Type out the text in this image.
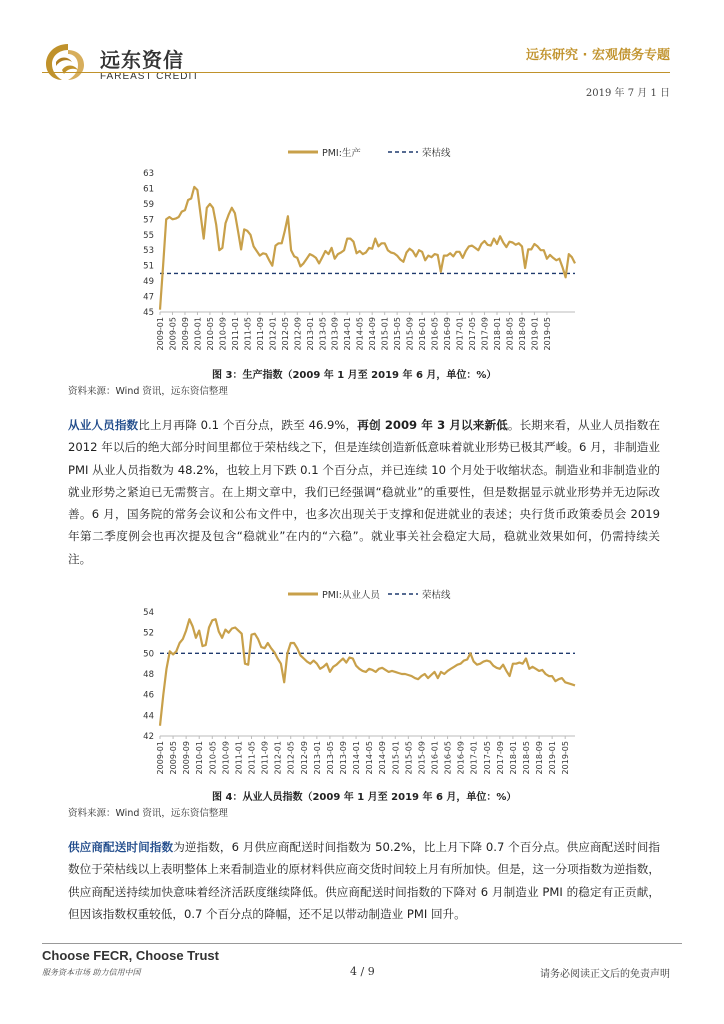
远东资信
FAREAST CREDIT
远东研究 · 宏观债务专题
2019 年 7 月 1 日
PMI:生产	荣枯线
45
47
49
51
53
55
57
59
61
63
2009-01 2009-05 2009-09 2010-01 2010-05 2010-09 2011-01 2011-05 2011-09 2012-01 2012-05 2012-09 2013-01 2013-05 2013-09 2014-01 2014-05 2014-09 2015-01 2015-05 2015-09 2016-01 2016-05 2016-09 2017-01 2017-05 2017-09 2018-01 2018-05 2018-09 2019-01 2019-05
图 3：生产指数（2009 年 1 月至 2019 年 6 月，单位：%）
资料来源：Wind 资讯，远东资信整理
从业人员指数比上月再降 0.1 个百分点，跌至 46.9%，再创 2009 年 3 月以来新低。长期来看，从业人员指数在 2012 年以后的绝大部分时间里都位于荣枯线之下，但是连续创造新低意味着就业形势已极其严峻。6 月，非制造业 PMI 从业人员指数为 48.2%，也较上月下跌 0.1 个百分点，并已连续 10 个月处于收缩状态。制造业和非制造业的就业形势之紧迫已无需赘言。在上期文章中，我们已经强调“稳就业”的重要性，但是数据显示就业形势并无边际改善。6 月，国务院的常务会议和公布文件中，也多次出现关于支撑和促进就业的表述；央行货币政策委员会 2019 年第二季度例会也再次提及包含“稳就业”在内的“六稳”。就业事关社会稳定大局，稳就业效果如何，仍需持续关注。
PMI:从业人员	荣枯线
42
44
46
48
50
52
54
2009-01 2009-05 2009-09 2010-01 2010-05 2010-09 2011-01 2011-05 2011-09 2012-01 2012-05 2012-09 2013-01 2013-05 2013-09 2014-01 2014-05 2014-09 2015-01 2015-05 2015-09 2016-01 2016-05 2016-09 2017-01 2017-05 2017-09 2018-01 2018-05 2018-09 2019-01 2019-05
图 4：从业人员指数（2009 年 1 月至 2019 年 6 月，单位：%）
资料来源：Wind 资讯，远东资信整理
供应商配送时间指数为逆指数，6 月供应商配送时间指数为 50.2%，比上月下降 0.7 个百分点。供应商配送时间指数位于荣枯线以上表明整体上来看制造业的原材料供应商交货时间较上月有所加快。但是，这一分项指数为逆指数，供应商配送持续加快意味着经济活跃度继续降低。供应商配送时间指数的下降对 6 月制造业 PMI 的稳定有正贡献，但因该指数权重较低，0.7 个百分点的降幅，还不足以带动制造业 PMI 回升。
Choose FECR, Choose Trust
服务资本市场 助力信用中国	4 / 9	请务必阅读正文后的免责声明
